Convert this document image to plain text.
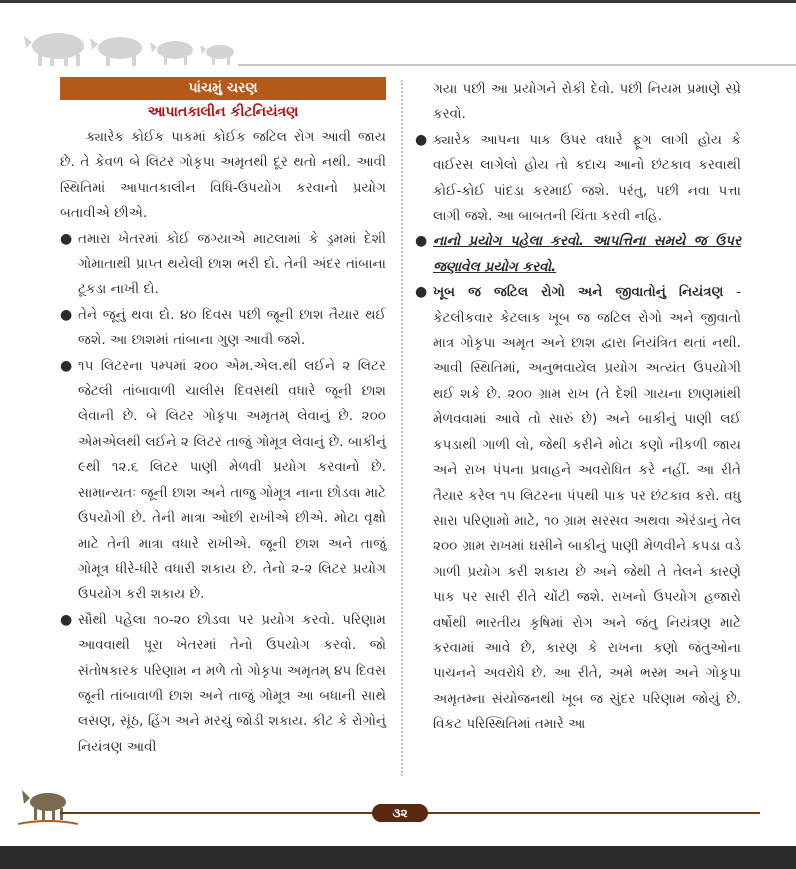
પાંચમું ચરણ
આપાતકાલીન કીટનિયંત્રણ

ક્યારેક કોઈક પાકમાં કોઈક જટિલ રોગ આવી જાય છે. તે કેવળ બે લિટર ગોકૃપા અમૃતથી દૂર થતો નથી. આવી સ્થિતિમાં આપાતકાલીન વિધિ-ઉપયોગ કરવાનો પ્રયોગ બતાવીએ છીએ.

● તમારા ખેતરમાં કોઈ જગ્યાએ માટલામાં કે ડ્રમમાં દેશી ગોમાતાથી પ્રાપ્ત થયેલી છાશ ભરી દો. તેની અંદર તાંબાના ટૂકડા નાખી દો.
● તેને જૂનું થવા દો. ૪૦ દિવસ પછી જૂની છાશ તૈયાર થઈ જશે. આ છાશમાં તાંબાના ગુણ આવી જશે.
● ૧૫ લિટરના પમ્પમાં ૨૦૦ એમ.એલ.થી લઈને ૨ લિટર જેટલી તાંબાવાળી ચાલીસ દિવસથી વધારે જૂની છાશ લેવાની છે. બે લિટર ગોકૃપા અમૃતમ્ લેવાનું છે. ૨૦૦ એમએલથી લઈને ૨ લિટર તાજું ગોમૂત્ર લેવાનું છે. બાકીનું ૯થી ૧૨.૬ લિટર પાણી મેળવી પ્રયોગ કરવાનો છે. સામાન્યતઃ જૂની છાશ અને તાજુ ગોમૂત્ર નાના છોડવા માટે ઉપયોગી છે. તેની માત્રા ઓછી રાખીએ છીએ. મોટા વૃક્ષો માટે તેની માત્રા વધારે રાખીએ. જૂની છાશ અને તાજું ગોમૂત્ર ધીરે-ધીરે વધારી શકાય છે. તેનો ૨-૨ લિટર પ્રયોગ ઉપયોગ કરી શકાય છે.
● સૌથી પહેલા ૧૦-૨૦ છોડવા પર પ્રયોગ કરવો. પરિણામ આવવાથી પૂરા ખેતરમાં તેનો ઉપયોગ કરવો. જો સંતોષકારક પરિણામ ન મળે તો ગોકૃપા અમૃતમ્ ૪૫ દિવસ જૂની તાંબાવાળી છાશ અને તાજું ગોમૂત્ર આ બધાની સાથે લસણ, સૂંઠ, હિંગ અને મરચું જોડી શકાય. કીટ કે રોગોનું નિયંત્રણ આવી

ગયા પછી આ પ્રયોગને રોકી દેવો. પછી નિયમ પ્રમાણે સ્પ્રે કરવો.

● ક્યારેક આપના પાક ઉપર વધારે ફૂગ લાગી હોય કે વાઈરસ લાગેલો હોય તો કદાચ આનો છંટકાવ કરવાથી કોઈ-કોઈ પાંદડા કરમાઈ જશે. પરંતુ, પછી નવા પત્તા લાગી જશે. આ બાબતની ચિંતા કરવી નહિ.
● નાનો પ્રયોગ પહેલા કરવો. આપત્તિના સમયે જ ઉપર જણાવેલ પ્રયોગ કરવો.
● ખૂબ જ જટિલ રોગો અને જીવાતોનું નિયંત્રણ - કેટલીકવાર કેટલાક ખૂબ જ જટિલ રોગો અને જીવાતો માત્ર ગોકૃપા અમૃત અને છાશ દ્વારા નિયંત્રિત થતાં નથી. આવી સ્થિતિમાં, અનુભવાયેલ પ્રયોગ અત્યંત ઉપયોગી થઈ શકે છે. ૨૦૦ ગ્રામ રાખ (તે દેશી ગાયના છાણમાંથી મેળવવામાં આવે તો સારું છે) અને બાકીનું પાણી લઈ કપડાથી ગાળી લો, જેથી કરીને મોટા કણો નીકળી જાય અને રાખ પંપના પ્રવાહને અવરોધિત કરે નહીં. આ રીતે તૈયાર કરેલ ૧૫ લિટરના પંપથી પાક પર છંટકાવ કરો. વધુ સારા પરિણામો માટે, ૧૦ ગ્રામ સરસવ અથવા એરંડાનું તેલ ૨૦૦ ગ્રામ રાખમાં ઘસીને બાકીનું પાણી મેળવીને કપડા વડે ગાળી પ્રયોગ કરી શકાય છે અને જેથી તે તેલને કારણે પાક પર સારી રીતે ચોંટી જશે. રાખનો ઉપયોગ હજારો વર્ષોથી ભારતીય કૃષિમાં રોગ અને જંતુ નિયંત્રણ માટે કરવામાં આવે છે, કારણ કે રાખના કણો જંતુઓના પાચનને અવરોધે છે. આ રીતે, અમે ભસ્મ અને ગોકૃપા અમૃતમ્ના સંયોજનથી ખૂબ જ સુંદર પરિણામ જોયું છે. વિકટ પરિસ્થિતિમાં તમારે આ
૩૨
